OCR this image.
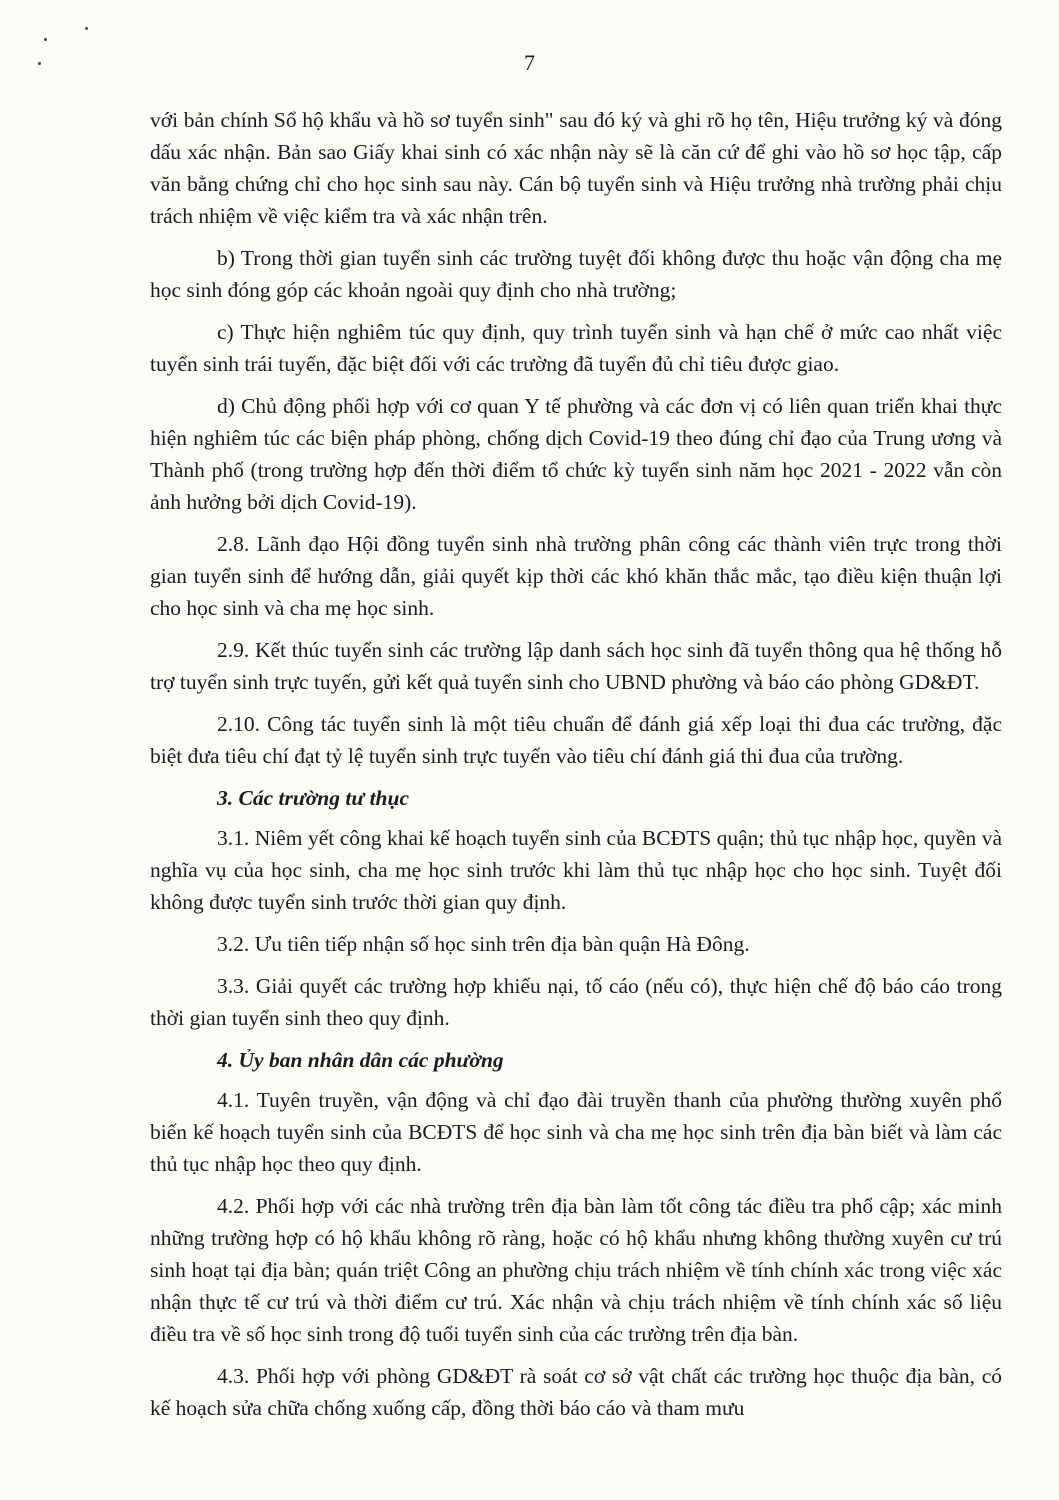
7

với bản chính Sổ hộ khẩu và hồ sơ tuyển sinh" sau đó ký và ghi rõ họ tên, Hiệu trưởng ký và đóng dấu xác nhận. Bản sao Giấy khai sinh có xác nhận này sẽ là căn cứ để ghi vào hồ sơ học tập, cấp văn bằng chứng chỉ cho học sinh sau này. Cán bộ tuyển sinh và Hiệu trưởng nhà trường phải chịu trách nhiệm về việc kiểm tra và xác nhận trên.

b) Trong thời gian tuyển sinh các trường tuyệt đối không được thu hoặc vận động cha mẹ học sinh đóng góp các khoản ngoài quy định cho nhà trường;

c) Thực hiện nghiêm túc quy định, quy trình tuyển sinh và hạn chế ở mức cao nhất việc tuyển sinh trái tuyến, đặc biệt đối với các trường đã tuyển đủ chỉ tiêu được giao.

d) Chủ động phối hợp với cơ quan Y tế phường và các đơn vị có liên quan triển khai thực hiện nghiêm túc các biện pháp phòng, chống dịch Covid-19 theo đúng chỉ đạo của Trung ương và Thành phố (trong trường hợp đến thời điểm tổ chức kỳ tuyển sinh năm học 2021 - 2022 vẫn còn ảnh hưởng bởi dịch Covid-19).

2.8. Lãnh đạo Hội đồng tuyển sinh nhà trường phân công các thành viên trực trong thời gian tuyển sinh để hướng dẫn, giải quyết kịp thời các khó khăn thắc mắc, tạo điều kiện thuận lợi cho học sinh và cha mẹ học sinh.

2.9. Kết thúc tuyển sinh các trường lập danh sách học sinh đã tuyển thông qua hệ thống hỗ trợ tuyển sinh trực tuyến, gửi kết quả tuyển sinh cho UBND phường và báo cáo phòng GD&ĐT.

2.10. Công tác tuyển sinh là một tiêu chuẩn để đánh giá xếp loại thi đua các trường, đặc biệt đưa tiêu chí đạt tỷ lệ tuyển sinh trực tuyến vào tiêu chí đánh giá thi đua của trường.

3. Các trường tư thục

3.1. Niêm yết công khai kế hoạch tuyển sinh của BCĐTS quận; thủ tục nhập học, quyền và nghĩa vụ của học sinh, cha mẹ học sinh trước khi làm thủ tục nhập học cho học sinh. Tuyệt đối không được tuyển sinh trước thời gian quy định.

3.2. Ưu tiên tiếp nhận số học sinh trên địa bàn quận Hà Đông.

3.3. Giải quyết các trường hợp khiếu nại, tố cáo (nếu có), thực hiện chế độ báo cáo trong thời gian tuyển sinh theo quy định.

4. Ủy ban nhân dân các phường

4.1. Tuyên truyền, vận động và chỉ đạo đài truyền thanh của phường thường xuyên phổ biến kế hoạch tuyển sinh của BCĐTS để học sinh và cha mẹ học sinh trên địa bàn biết và làm các thủ tục nhập học theo quy định.

4.2. Phối hợp với các nhà trường trên địa bàn làm tốt công tác điều tra phổ cập; xác minh những trường hợp có hộ khẩu không rõ ràng, hoặc có hộ khẩu nhưng không thường xuyên cư trú sinh hoạt tại địa bàn; quán triệt Công an phường chịu trách nhiệm về tính chính xác trong việc xác nhận thực tế cư trú và thời điểm cư trú. Xác nhận và chịu trách nhiệm về tính chính xác số liệu điều tra về số học sinh trong độ tuổi tuyển sinh của các trường trên địa bàn.

4.3. Phối hợp với phòng GD&ĐT rà soát cơ sở vật chất các trường học thuộc địa bàn, có kế hoạch sửa chữa chống xuống cấp, đồng thời báo cáo và tham mưu
